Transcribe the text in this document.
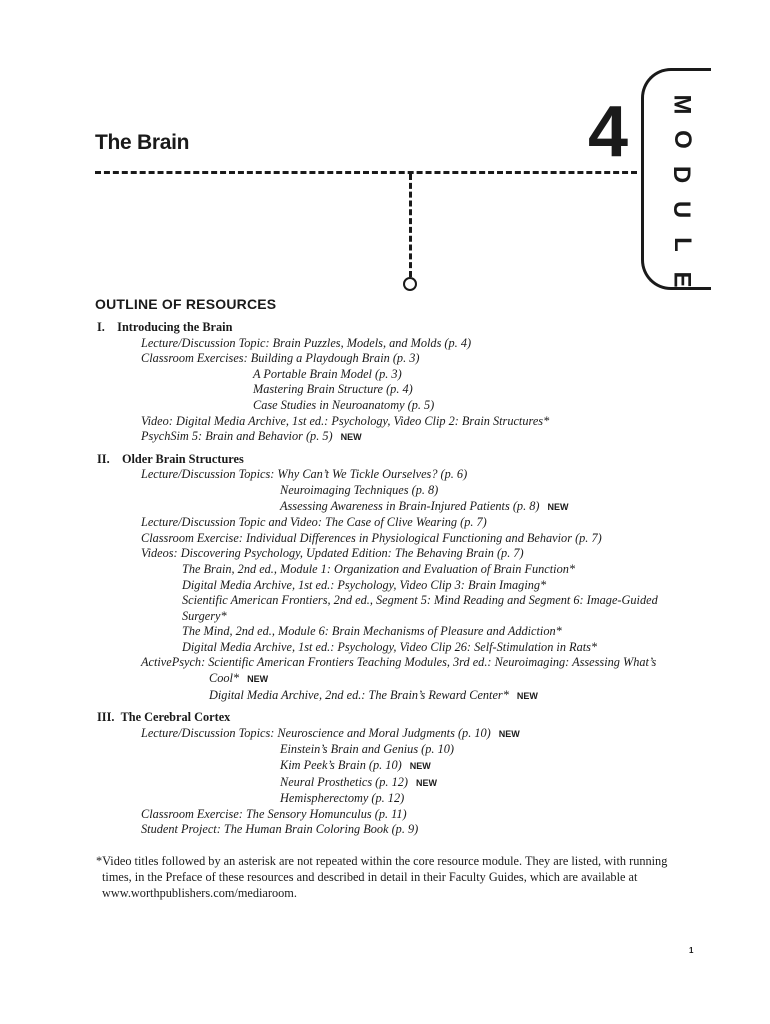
The Brain	4	M
O
D
U
L
E
OUTLINE OF RESOURCES
I. Introducing the Brain
Lecture/Discussion Topic: Brain Puzzles, Models, and Molds (p. 4)
Classroom Exercises: Building a Playdough Brain (p. 3)
A Portable Brain Model (p. 3)
Mastering Brain Structure (p. 4)
Case Studies in Neuroanatomy (p. 5)
Video: Digital Media Archive, 1st ed.: Psychology, Video Clip 2: Brain Structures*
PsychSim 5: Brain and Behavior (p. 5) NEW
II. Older Brain Structures
Lecture/Discussion Topics: Why Can’t We Tickle Ourselves? (p. 6)
Neuroimaging Techniques (p. 8)
Assessing Awareness in Brain-Injured Patients (p. 8) NEW
Lecture/Discussion Topic and Video: The Case of Clive Wearing (p. 7)
Classroom Exercise: Individual Differences in Physiological Functioning and Behavior (p. 7)
Videos: Discovering Psychology, Updated Edition: The Behaving Brain (p. 7)
The Brain, 2nd ed., Module 1: Organization and Evaluation of Brain Function*
Digital Media Archive, 1st ed.: Psychology, Video Clip 3: Brain Imaging*
Scientific American Frontiers, 2nd ed., Segment 5: Mind Reading and Segment 6: Image-Guided
Surgery*
The Mind, 2nd ed., Module 6: Brain Mechanisms of Pleasure and Addiction*
Digital Media Archive, 1st ed.: Psychology, Video Clip 26: Self-Stimulation in Rats*
ActivePsych: Scientific American Frontiers Teaching Modules, 3rd ed.: Neuroimaging: Assessing What’s
Cool* NEW
Digital Media Archive, 2nd ed.: The Brain’s Reward Center* NEW
III. The Cerebral Cortex
Lecture/Discussion Topics: Neuroscience and Moral Judgments (p. 10) NEW
Einstein’s Brain and Genius (p. 10)
Kim Peek’s Brain (p. 10) NEW
Neural Prosthetics (p. 12) NEW
Hemispherectomy (p. 12)
Classroom Exercise: The Sensory Homunculus (p. 11)
Student Project: The Human Brain Coloring Book (p. 9)
*Video titles followed by an asterisk are not repeated within the core resource module. They are listed, with running
times, in the Preface of these resources and described in detail in their Faculty Guides, which are available at
www.worthpublishers.com/mediaroom.
1
